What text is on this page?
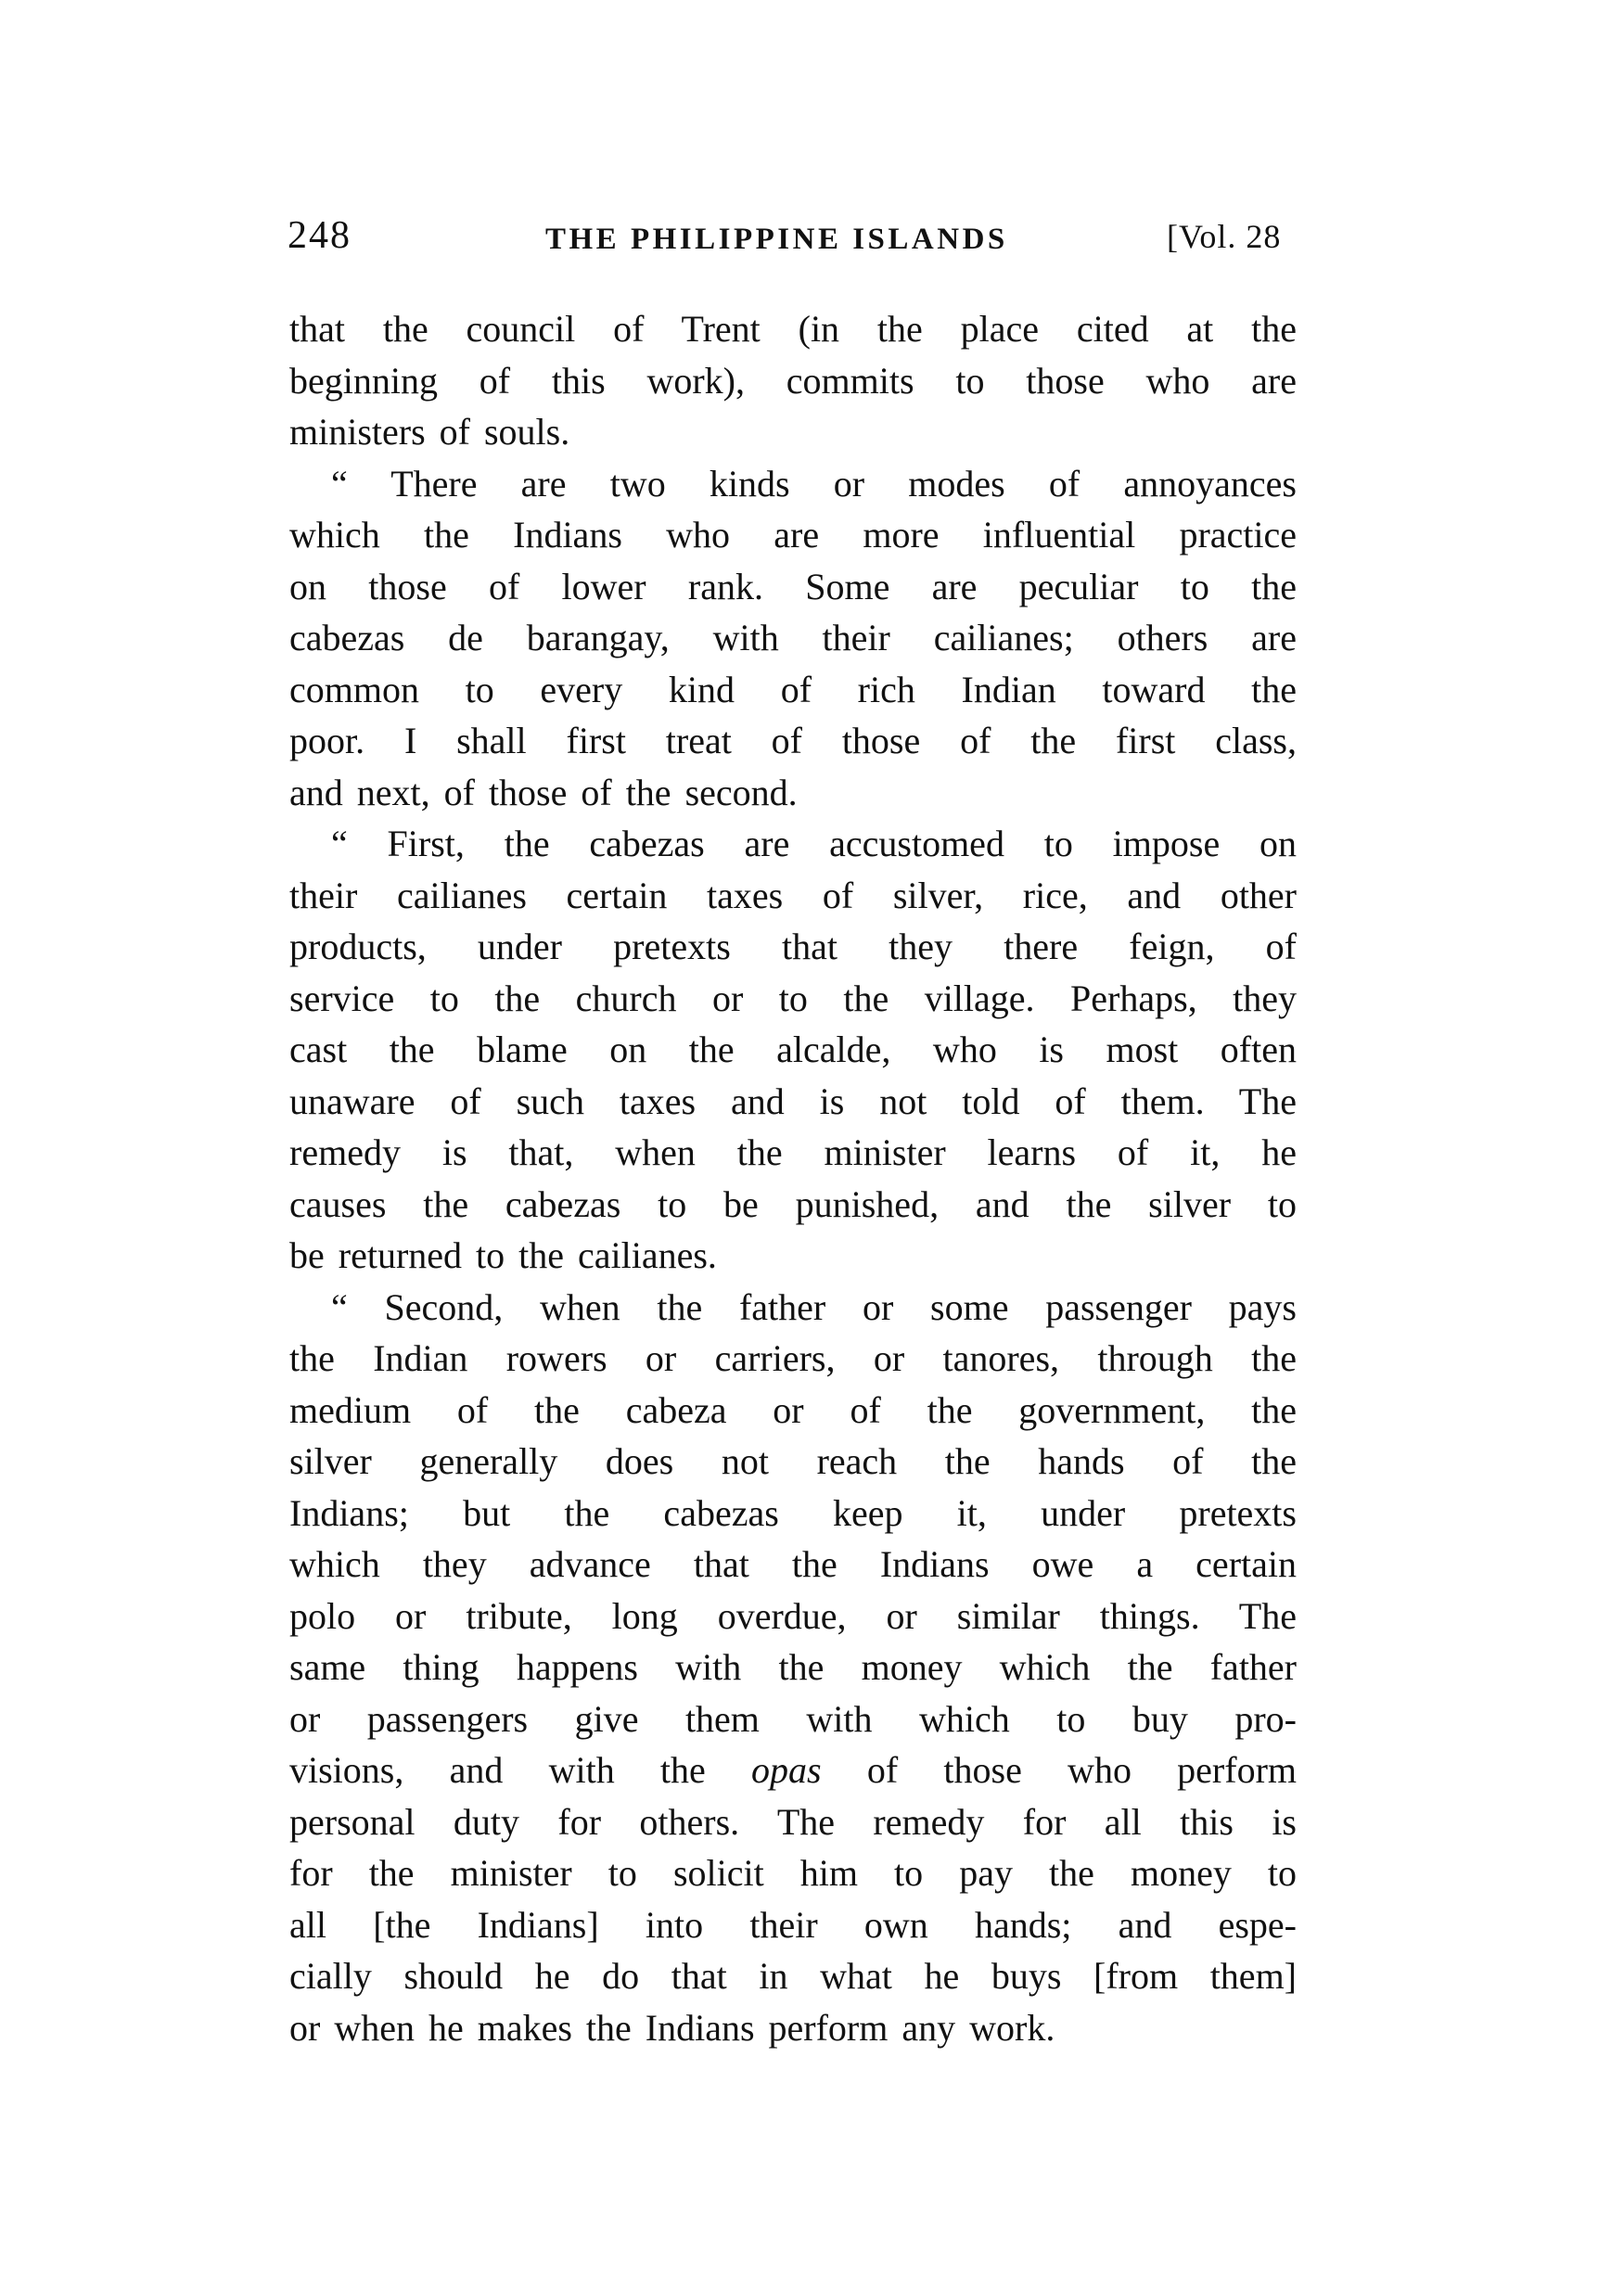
248	THE PHILIPPINE ISLANDS	[Vol. 28
that the council of Trent (in the place cited at the
beginning of this work), commits to those who are
ministers of souls.
“ There are two kinds or modes of annoyances
which the Indians who are more influential practice
on those of lower rank. Some are peculiar to the
cabezas de barangay, with their cailianes; others are
common to every kind of rich Indian toward the
poor. I shall first treat of those of the first class,
and next, of those of the second.
“ First, the cabezas are accustomed to impose on
their cailianes certain taxes of silver, rice, and other
products, under pretexts that they there feign, of
service to the church or to the village. Perhaps, they
cast the blame on the alcalde, who is most often
unaware of such taxes and is not told of them. The
remedy is that, when the minister learns of it, he
causes the cabezas to be punished, and the silver to
be returned to the cailianes.
“ Second, when the father or some passenger pays
the Indian rowers or carriers, or tanores, through the
medium of the cabeza or of the government, the
silver generally does not reach the hands of the
Indians; but the cabezas keep it, under pretexts
which they advance that the Indians owe a certain
polo or tribute, long overdue, or similar things. The
same thing happens with the money which the father
or passengers give them with which to buy pro-
visions, and with the opas of those who perform
personal duty for others. The remedy for all this is
for the minister to solicit him to pay the money to
all [the Indians] into their own hands; and espe-
cially should he do that in what he buys [from them]
or when he makes the Indians perform any work.
